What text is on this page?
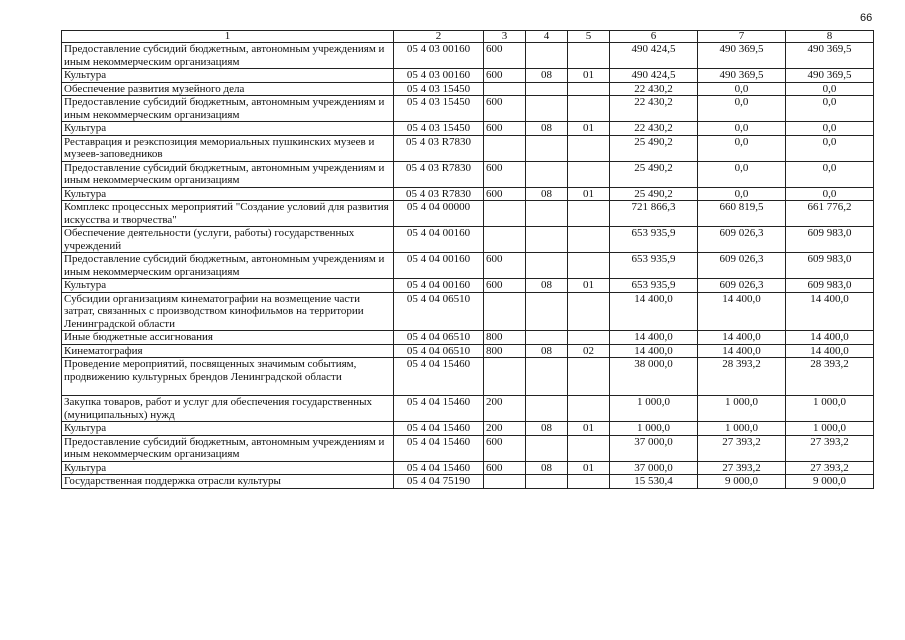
66
1	2	3	4	5	6	7	8
Предоставление субсидий бюджетным, автономным учреждениям и иным некоммерческим организациям	05 4 03 00160	600			490 424,5	490 369,5	490 369,5
Культура	05 4 03 00160	600	08	01	490 424,5	490 369,5	490 369,5
Обеспечение развития музейного дела	05 4 03 15450				22 430,2	0,0	0,0
Предоставление субсидий бюджетным, автономным учреждениям и иным некоммерческим организациям	05 4 03 15450	600			22 430,2	0,0	0,0
Культура	05 4 03 15450	600	08	01	22 430,2	0,0	0,0
Реставрация и реэкспозиция мемориальных пушкинских музеев и музеев-заповедников	05 4 03 R7830				25 490,2	0,0	0,0
Предоставление субсидий бюджетным, автономным учреждениям и иным некоммерческим организациям	05 4 03 R7830	600			25 490,2	0,0	0,0
Культура	05 4 03 R7830	600	08	01	25 490,2	0,0	0,0
Комплекс процессных мероприятий "Создание условий для развития искусства и творчества"	05 4 04 00000				721 866,3	660 819,5	661 776,2
Обеспечение деятельности (услуги, работы) государственных учреждений	05 4 04 00160				653 935,9	609 026,3	609 983,0
Предоставление субсидий бюджетным, автономным учреждениям и иным некоммерческим организациям	05 4 04 00160	600			653 935,9	609 026,3	609 983,0
Культура	05 4 04 00160	600	08	01	653 935,9	609 026,3	609 983,0
Субсидии организациям кинематографии на возмещение части затрат, связанных с производством кинофильмов на территории Ленинградской области	05 4 04 06510				14 400,0	14 400,0	14 400,0
Иные бюджетные ассигнования	05 4 04 06510	800			14 400,0	14 400,0	14 400,0
Кинематография	05 4 04 06510	800	08	02	14 400,0	14 400,0	14 400,0
Проведение мероприятий, посвященных значимым событиям, продвижению культурных брендов Ленинградской области	05 4 04 15460				38 000,0	28 393,2	28 393,2
Закупка товаров, работ и услуг для обеспечения государственных (муниципальных) нужд	05 4 04 15460	200			1 000,0	1 000,0	1 000,0
Культура	05 4 04 15460	200	08	01	1 000,0	1 000,0	1 000,0
Предоставление субсидий бюджетным, автономным учреждениям и иным некоммерческим организациям	05 4 04 15460	600			37 000,0	27 393,2	27 393,2
Культура	05 4 04 15460	600	08	01	37 000,0	27 393,2	27 393,2
Государственная поддержка отрасли культуры	05 4 04 75190				15 530,4	9 000,0	9 000,0
